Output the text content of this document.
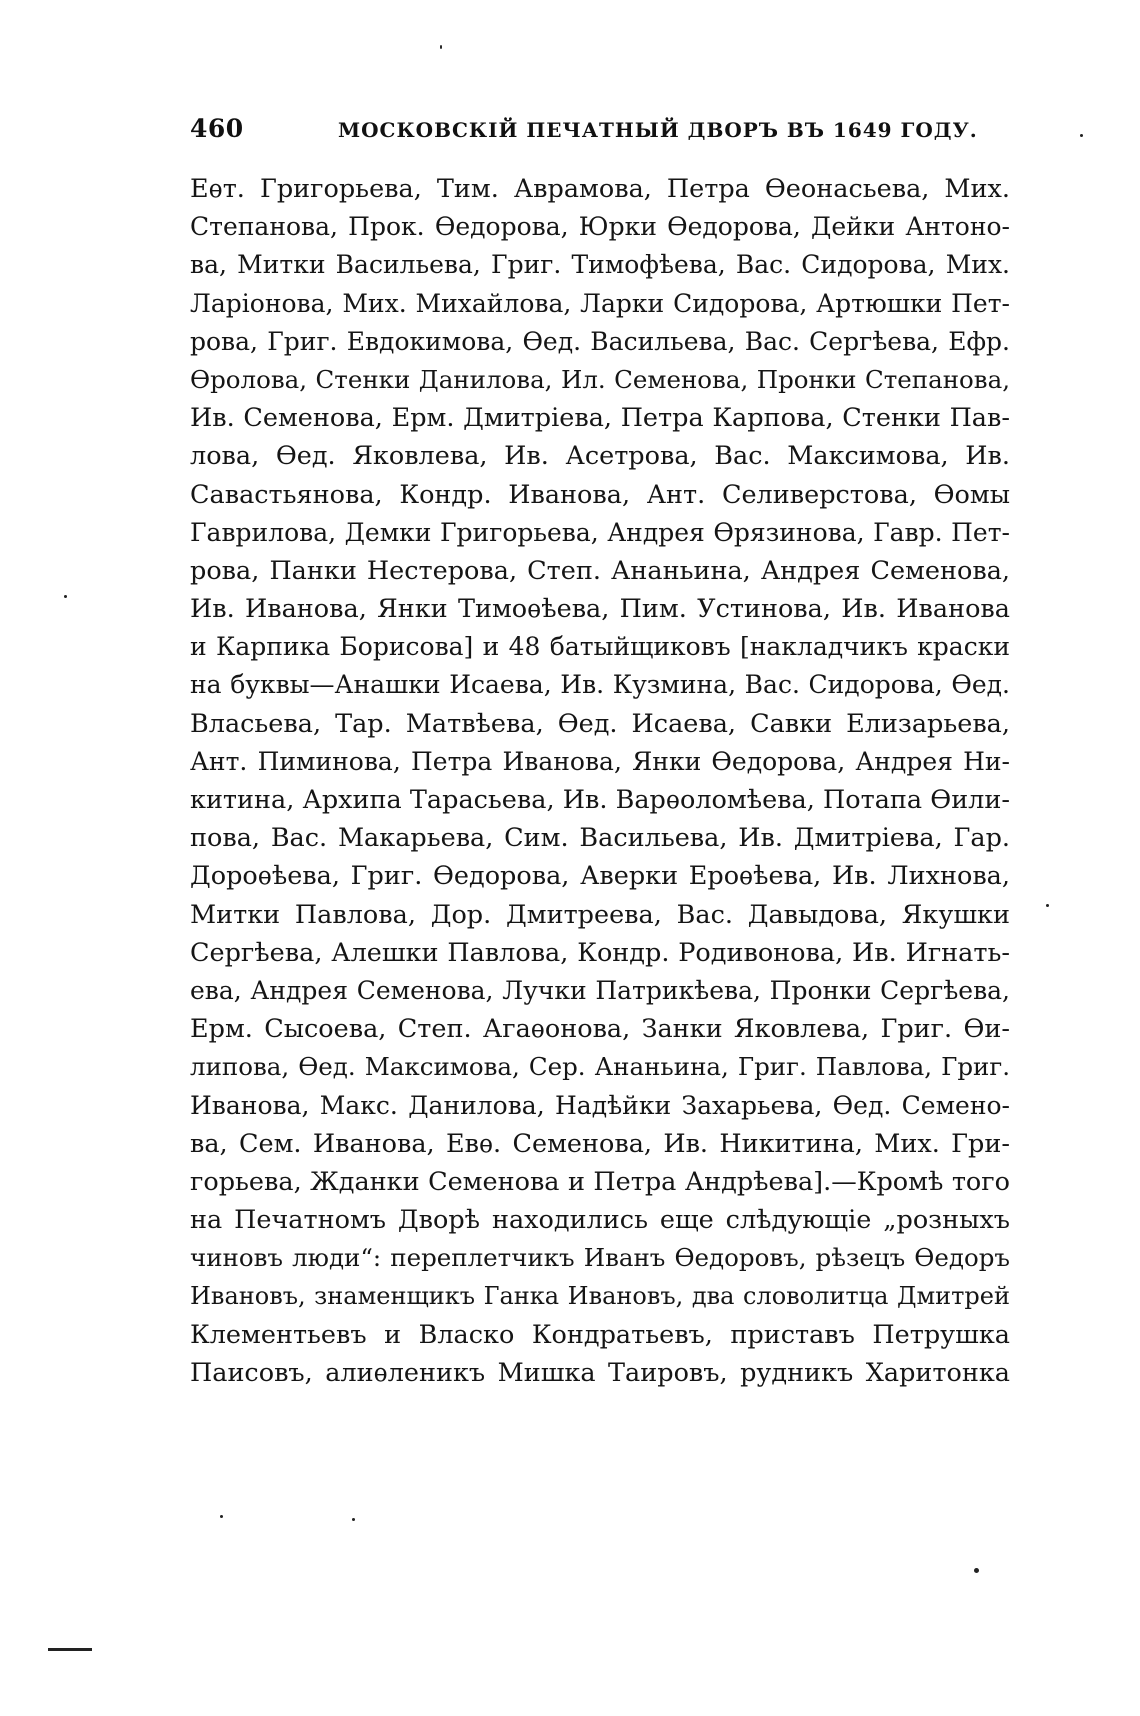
460	МОСКОВСКІЙ ПЕЧАТНЫЙ ДВОРЪ ВЪ 1649 ГОДУ.
Еѳт. Григорьева, Тим. Аврамова, Петра Ѳеонасьева, Мих.
Степанова, Прок. Ѳедорова, Юрки Ѳедорова, Дейки Антоно-
ва, Митки Васильева, Григ. Тимофѣева, Вас. Сидорова, Мих.
Ларіонова, Мих. Михайлова, Ларки Сидорова, Артюшки Пет-
рова, Григ. Евдокимова, Ѳед. Васильева, Вас. Сергѣева, Ефр.
Ѳролова, Стенки Данилова, Ил. Семенова, Пронки Степанова,
Ив. Семенова, Ерм. Дмитріева, Петра Карпова, Стенки Пав-
лова, Ѳед. Яковлева, Ив. Асетрова, Вас. Максимова, Ив.
Савастьянова, Кондр. Иванова, Ант. Селиверстова, Ѳомы
Гаврилова, Демки Григорьева, Андрея Ѳрязинова, Гавр. Пет-
рова, Панки Нестерова, Степ. Ананьина, Андрея Семенова,
Ив. Иванова, Янки Тимоѳѣева, Пим. Устинова, Ив. Иванова
и Карпика Борисова] и 48 батыйщиковъ [накладчикъ краски
на буквы—Анашки Исаева, Ив. Кузмина, Вас. Сидорова, Ѳед.
Власьева, Тар. Матвѣева, Ѳед. Исаева, Савки Елизарьева,
Ант. Пиминова, Петра Иванова, Янки Ѳедорова, Андрея Ни-
китина, Архипа Тарасьева, Ив. Варѳоломѣева, Потапа Ѳили-
пова, Вас. Макарьева, Сим. Васильева, Ив. Дмитріева, Гар.
Дороѳѣева, Григ. Ѳедорова, Аверки Ероѳѣева, Ив. Лихнова,
Митки Павлова, Дор. Дмитреева, Вас. Давыдова, Якушки
Сергѣева, Алешки Павлова, Кондр. Родивонова, Ив. Игнать-
ева, Андрея Семенова, Лучки Патрикѣева, Пронки Сергѣева,
Ерм. Сысоева, Степ. Агаѳонова, Занки Яковлева, Григ. Ѳи-
липова, Ѳед. Максимова, Сер. Ананьина, Григ. Павлова, Григ.
Иванова, Макс. Данилова, Надѣйки Захарьева, Ѳед. Семено-
ва, Сем. Иванова, Евѳ. Семенова, Ив. Никитина, Мих. Гри-
горьева, Жданки Семенова и Петра Андрѣева].—Кромѣ того
на Печатномъ Дворѣ находились еще слѣдующіе „розныхъ
чиновъ люди“: переплетчикъ Иванъ Ѳедоровъ, рѣзецъ Ѳедоръ
Ивановъ, знаменщикъ Ганка Ивановъ, два словолитца Дмитрей
Клементьевъ и Власко Кондратьевъ, приставъ Петрушка
Паисовъ, алиѳленикъ Мишка Таировъ, рудникъ Харитонка
